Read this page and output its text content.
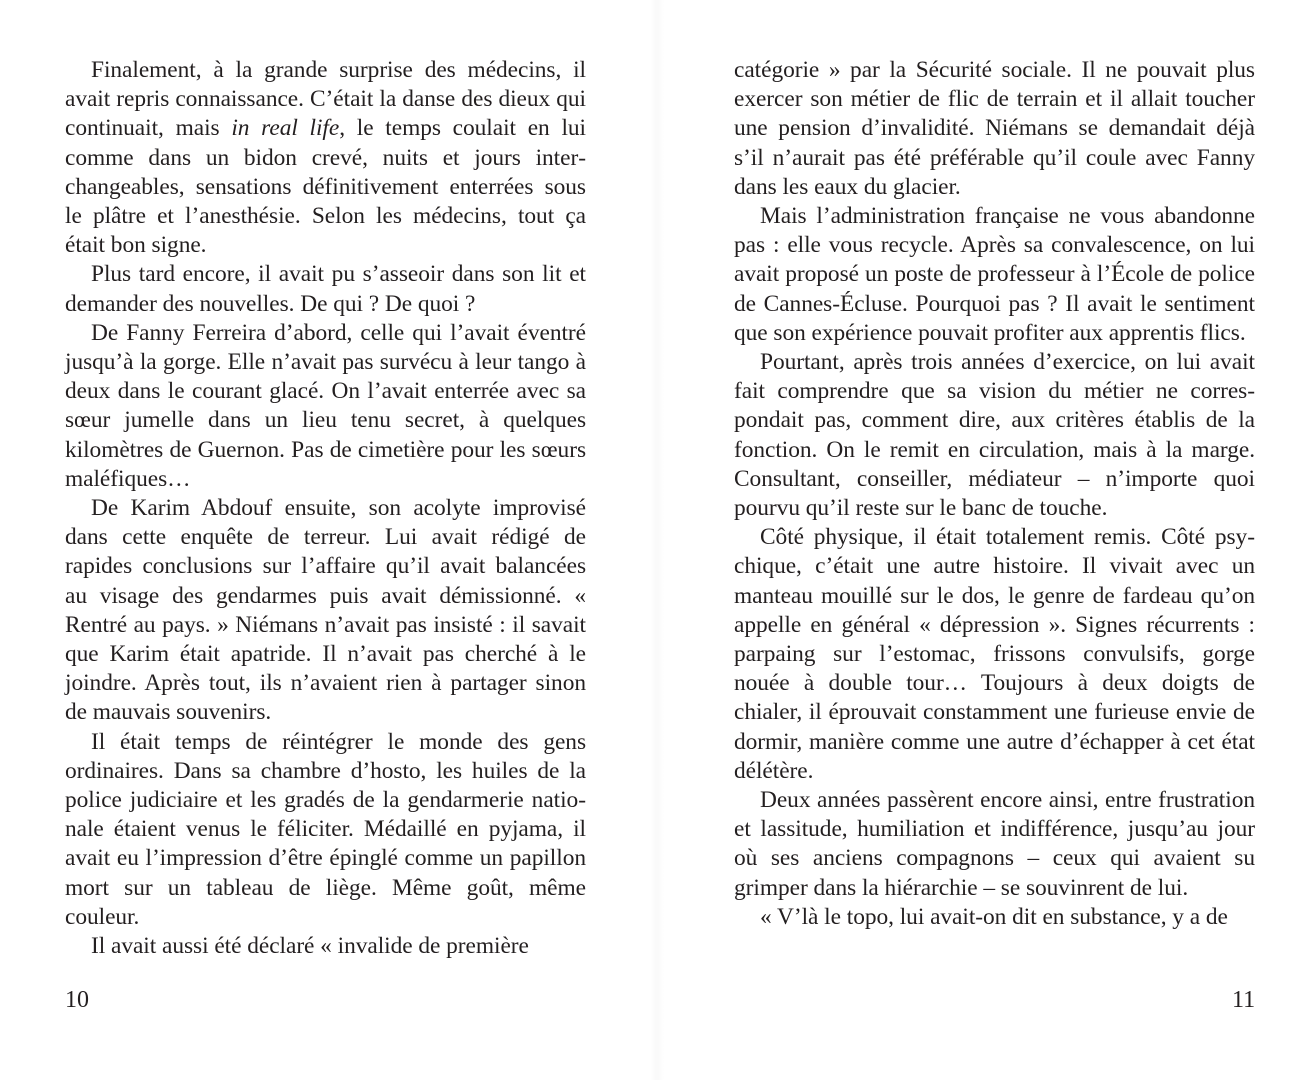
Finalement, à la grande surprise des médecins, il avait repris connaissance. C’était la danse des dieux qui continuait, mais in real life, le temps coulait en lui comme dans un bidon crevé, nuits et jours interchangeables, sensations définitivement enterrées sous le plâtre et l’anesthésie. Selon les médecins, tout ça était bon signe.

Plus tard encore, il avait pu s’asseoir dans son lit et demander des nouvelles. De qui ? De quoi ?

De Fanny Ferreira d’abord, celle qui l’avait éventré jusqu’à la gorge. Elle n’avait pas survécu à leur tango à deux dans le courant glacé. On l’avait enterrée avec sa sœur jumelle dans un lieu tenu secret, à quelques kilomètres de Guernon. Pas de cimetière pour les sœurs maléfiques…

De Karim Abdouf ensuite, son acolyte improvisé dans cette enquête de terreur. Lui avait rédigé de rapides conclusions sur l’affaire qu’il avait balancées au visage des gendarmes puis avait démissionné. « Rentré au pays. » Niémans n’avait pas insisté : il savait que Karim était apatride. Il n’avait pas cherché à le joindre. Après tout, ils n’avaient rien à partager sinon de mauvais souvenirs.

Il était temps de réintégrer le monde des gens ordinaires. Dans sa chambre d’hosto, les huiles de la police judiciaire et les gradés de la gendarmerie nationale étaient venus le féliciter. Médaillé en pyjama, il avait eu l’impression d’être épinglé comme un papillon mort sur un tableau de liège. Même goût, même couleur.

Il avait aussi été déclaré « invalide de première

10

catégorie » par la Sécurité sociale. Il ne pouvait plus exercer son métier de flic de terrain et il allait toucher une pension d’invalidité. Niémans se demandait déjà s’il n’aurait pas été préférable qu’il coule avec Fanny dans les eaux du glacier.

Mais l’administration française ne vous abandonne pas : elle vous recycle. Après sa convalescence, on lui avait proposé un poste de professeur à l’École de police de Cannes-Écluse. Pourquoi pas ? Il avait le sentiment que son expérience pouvait profiter aux apprentis flics.

Pourtant, après trois années d’exercice, on lui avait fait comprendre que sa vision du métier ne correspondait pas, comment dire, aux critères établis de la fonction. On le remit en circulation, mais à la marge. Consultant, conseiller, médiateur – n’importe quoi pourvu qu’il reste sur le banc de touche.

Côté physique, il était totalement remis. Côté psychique, c’était une autre histoire. Il vivait avec un manteau mouillé sur le dos, le genre de fardeau qu’on appelle en général « dépression ». Signes récurrents : parpaing sur l’estomac, frissons convulsifs, gorge nouée à double tour… Toujours à deux doigts de chialer, il éprouvait constamment une furieuse envie de dormir, manière comme une autre d’échapper à cet état délétère.

Deux années passèrent encore ainsi, entre frustration et lassitude, humiliation et indifférence, jusqu’au jour où ses anciens compagnons – ceux qui avaient su grimper dans la hiérarchie – se souvinrent de lui.

« V’là le topo, lui avait-on dit en substance, y a de

11
